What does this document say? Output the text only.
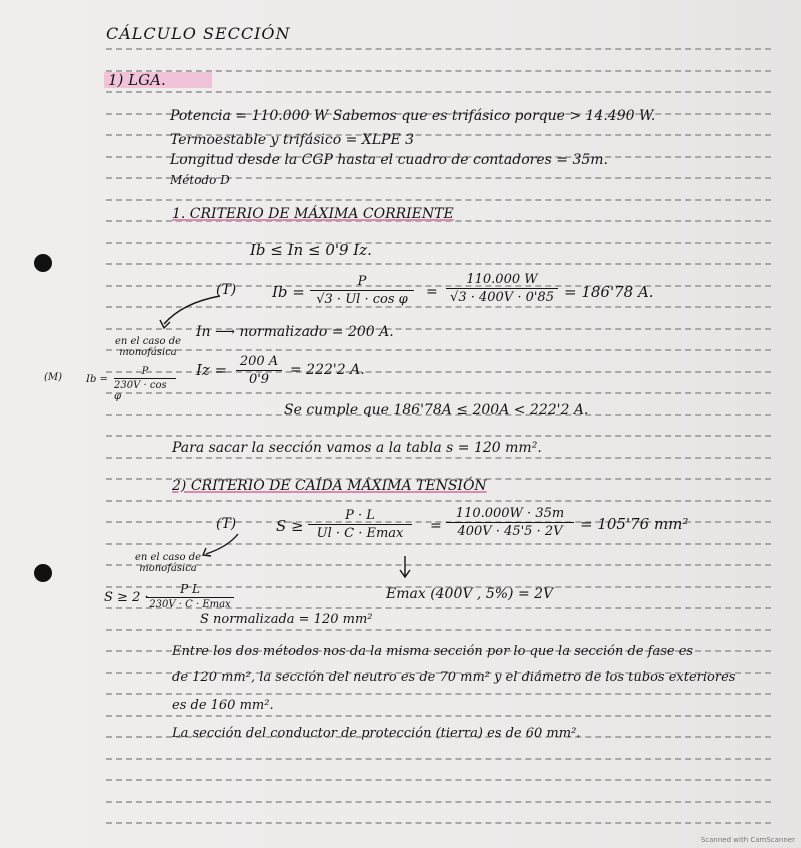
CÁLCULO SECCIÓN
1) LGA.
Potencia = 110.000 W Sabemos que es trifásico porque > 14.490 W.
Termoestable y trifásico = XLPE 3
Longitud desde la CGP hasta el cuadro de contadores = 35m.
Método D
1. CRITERIO DE MÁXIMA CORRIENTE
Ib ≤ In ≤ 0'9 Iz.
(T) Ib =
P
√3 · Ul · cos φ =
110.000 W
√3 · 400V · 0'85 = 186'78 A.
en el caso de monofásica
(M) Ib =
P
230V · cos φ
In ⟶ normalizado = 200 A.
Iz = 200 A
0'9
= 222'2 A.
Se cumple que 186'78A ≤ 200A < 222'2 A.
Para sacar la sección vamos a la tabla s = 120 mm².
2) CRITERIO DE CAÍDA MÁXIMA TENSIÓN
(T)	S ≥
P · L
Ul · C · Emax =
110.000W · 35m
400V · 45'5 · 2V = 105'76 mm²
en el caso de monofásica
S ≥ 2 ·
P L
230V · C · Emax
Emax (400V , 5%) = 2V
S normalizada = 120 mm²
Entre los dos métodos nos da la misma sección por lo que la sección de fase es
de 120 mm², la sección del neutro es de 70 mm² y el diámetro de los tubos exteriores
es de 160 mm².
La sección del conductor de protección (tierra) es de 60 mm².
Scanned with CamScanner
